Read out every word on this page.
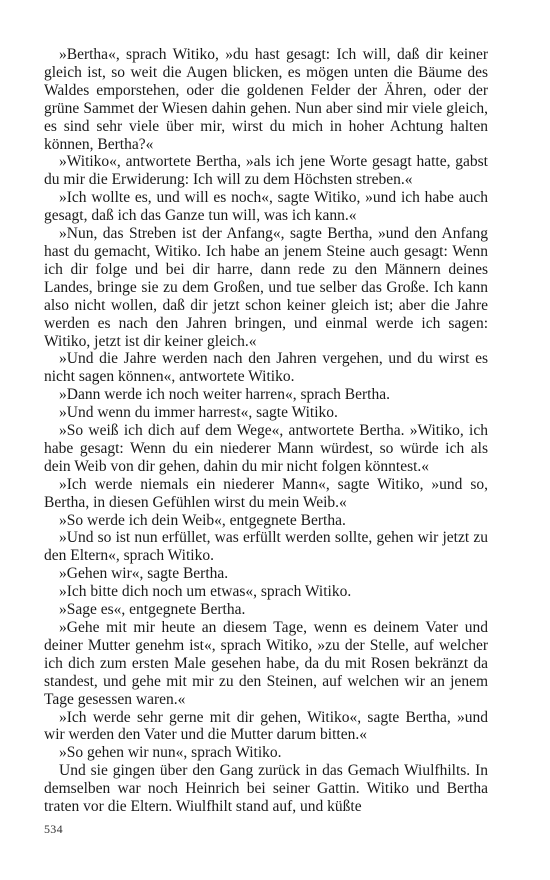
»Bertha«, sprach Witiko, »du hast gesagt: Ich will, daß dir keiner gleich ist, so weit die Augen blicken, es mögen unten die Bäume des Waldes emporstehen, oder die goldenen Felder der Ähren, oder der grüne Sammet der Wiesen dahin gehen. Nun aber sind mir viele gleich, es sind sehr viele über mir, wirst du mich in hoher Achtung halten können, Bertha?«

»Witiko«, antwortete Bertha, »als ich jene Worte gesagt hatte, gabst du mir die Erwiderung: Ich will zu dem Höchsten streben.«

»Ich wollte es, und will es noch«, sagte Witiko, »und ich habe auch gesagt, daß ich das Ganze tun will, was ich kann.«

»Nun, das Streben ist der Anfang«, sagte Bertha, »und den Anfang hast du gemacht, Witiko. Ich habe an jenem Steine auch gesagt: Wenn ich dir folge und bei dir harre, dann rede zu den Männern deines Landes, bringe sie zu dem Großen, und tue selber das Große. Ich kann also nicht wollen, daß dir jetzt schon keiner gleich ist; aber die Jahre werden es nach den Jahren bringen, und einmal werde ich sagen: Witiko, jetzt ist dir keiner gleich.«

»Und die Jahre werden nach den Jahren vergehen, und du wirst es nicht sagen können«, antwortete Witiko.

»Dann werde ich noch weiter harren«, sprach Bertha.

»Und wenn du immer harrest«, sagte Witiko.

»So weiß ich dich auf dem Wege«, antwortete Bertha. »Witiko, ich habe gesagt: Wenn du ein niederer Mann würdest, so würde ich als dein Weib von dir gehen, dahin du mir nicht folgen könntest.«

»Ich werde niemals ein niederer Mann«, sagte Witiko, »und so, Bertha, in diesen Gefühlen wirst du mein Weib.«

»So werde ich dein Weib«, entgegnete Bertha.

»Und so ist nun erfüllet, was erfüllt werden sollte, gehen wir jetzt zu den Eltern«, sprach Witiko.

»Gehen wir«, sagte Bertha.

»Ich bitte dich noch um etwas«, sprach Witiko.

»Sage es«, entgegnete Bertha.

»Gehe mit mir heute an diesem Tage, wenn es deinem Vater und deiner Mutter genehm ist«, sprach Witiko, »zu der Stelle, auf welcher ich dich zum ersten Male gesehen habe, da du mit Rosen bekränzt da standest, und gehe mit mir zu den Steinen, auf welchen wir an jenem Tage gesessen waren.«

»Ich werde sehr gerne mit dir gehen, Witiko«, sagte Bertha, »und wir werden den Vater und die Mutter darum bitten.«

»So gehen wir nun«, sprach Witiko.

Und sie gingen über den Gang zurück in das Gemach Wiulfhilts. In demselben war noch Heinrich bei seiner Gattin. Witiko und Bertha traten vor die Eltern. Wiulfhilt stand auf, und küßte

534
